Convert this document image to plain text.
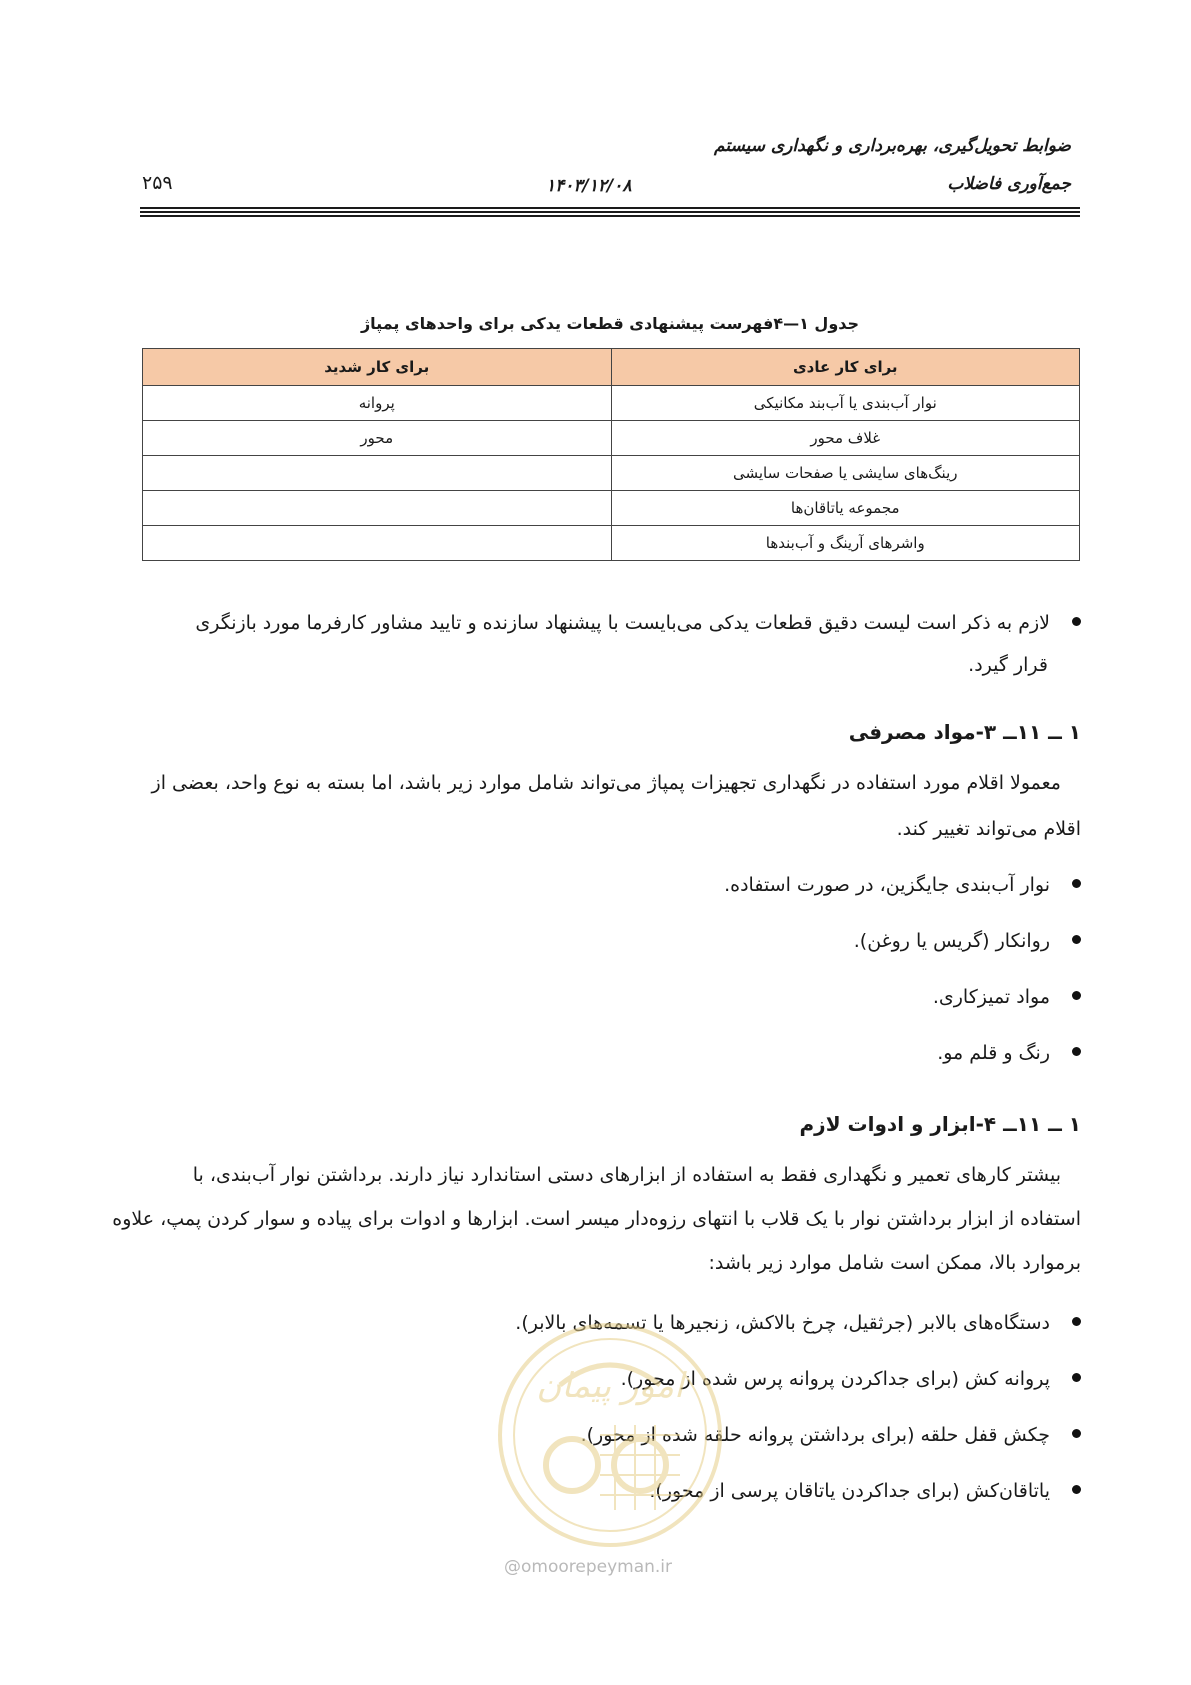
ضوابط تحویل‌گیری، بهره‌برداری و نگهداری سیستم
جمع‌آوری فاضلاب
۱۴۰۳/۱۲/۰۸
۲۵۹
جدول ۱—۴فهرست پیشنهادی قطعات یدکی برای واحدهای پمپاژ
برای کار عادی	برای کار شدید
نوار آب‌بندی یا آب‌بند مکانیکی	پروانه
غلاف محور	محور
رینگ‌های سایشی یا صفحات سایشی	
مجموعه یاتاقان‌ها	
واشرهای آرینگ و آب‌بندها	
لازم به ذکر است لیست دقیق قطعات یدکی می‌بایست با پیشنهاد سازنده و تایید مشاور کارفرما مورد بازنگری
قرار گیرد.
۱ ــ ۱۱ــ ۳-مواد مصرفی
معمولا اقلام مورد استفاده در نگهداری تجهیزات پمپاژ می‌تواند شامل موارد زیر باشد، اما بسته به نوع واحد، بعضی از
اقلام می‌تواند تغییر کند.
نوار آب‌بندی جایگزین، در صورت استفاده.
روانکار (گریس یا روغن).
مواد تمیزکاری.
رنگ و قلم مو.
۱ ــ ۱۱ــ ۴-ابزار و ادوات لازم
بیشتر کارهای تعمیر و نگهداری فقط به استفاده از ابزارهای دستی استاندارد نیاز دارند. برداشتن نوار آب‌بندی، با
استفاده از ابزار برداشتن نوار با یک قلاب با انتهای رزوه‌دار میسر است. ابزارها و ادوات برای پیاده و سوار کردن پمپ، علاوه
برموارد بالا، ممکن است شامل موارد زیر باشد:
دستگاه‌های بالابر (جرثقیل، چرخ بالاکش، زنجیرها یا تسمه‌های بالابر).
پروانه کش (برای جداکردن پروانه پرس شده از محور).
چکش قفل حلقه (برای برداشتن پروانه حلقه شده از محور).
یاتاقان‌کش (برای جداکردن یاتاقان پرسی از محور).
امور پیمان
@omoorepeyman.ir
